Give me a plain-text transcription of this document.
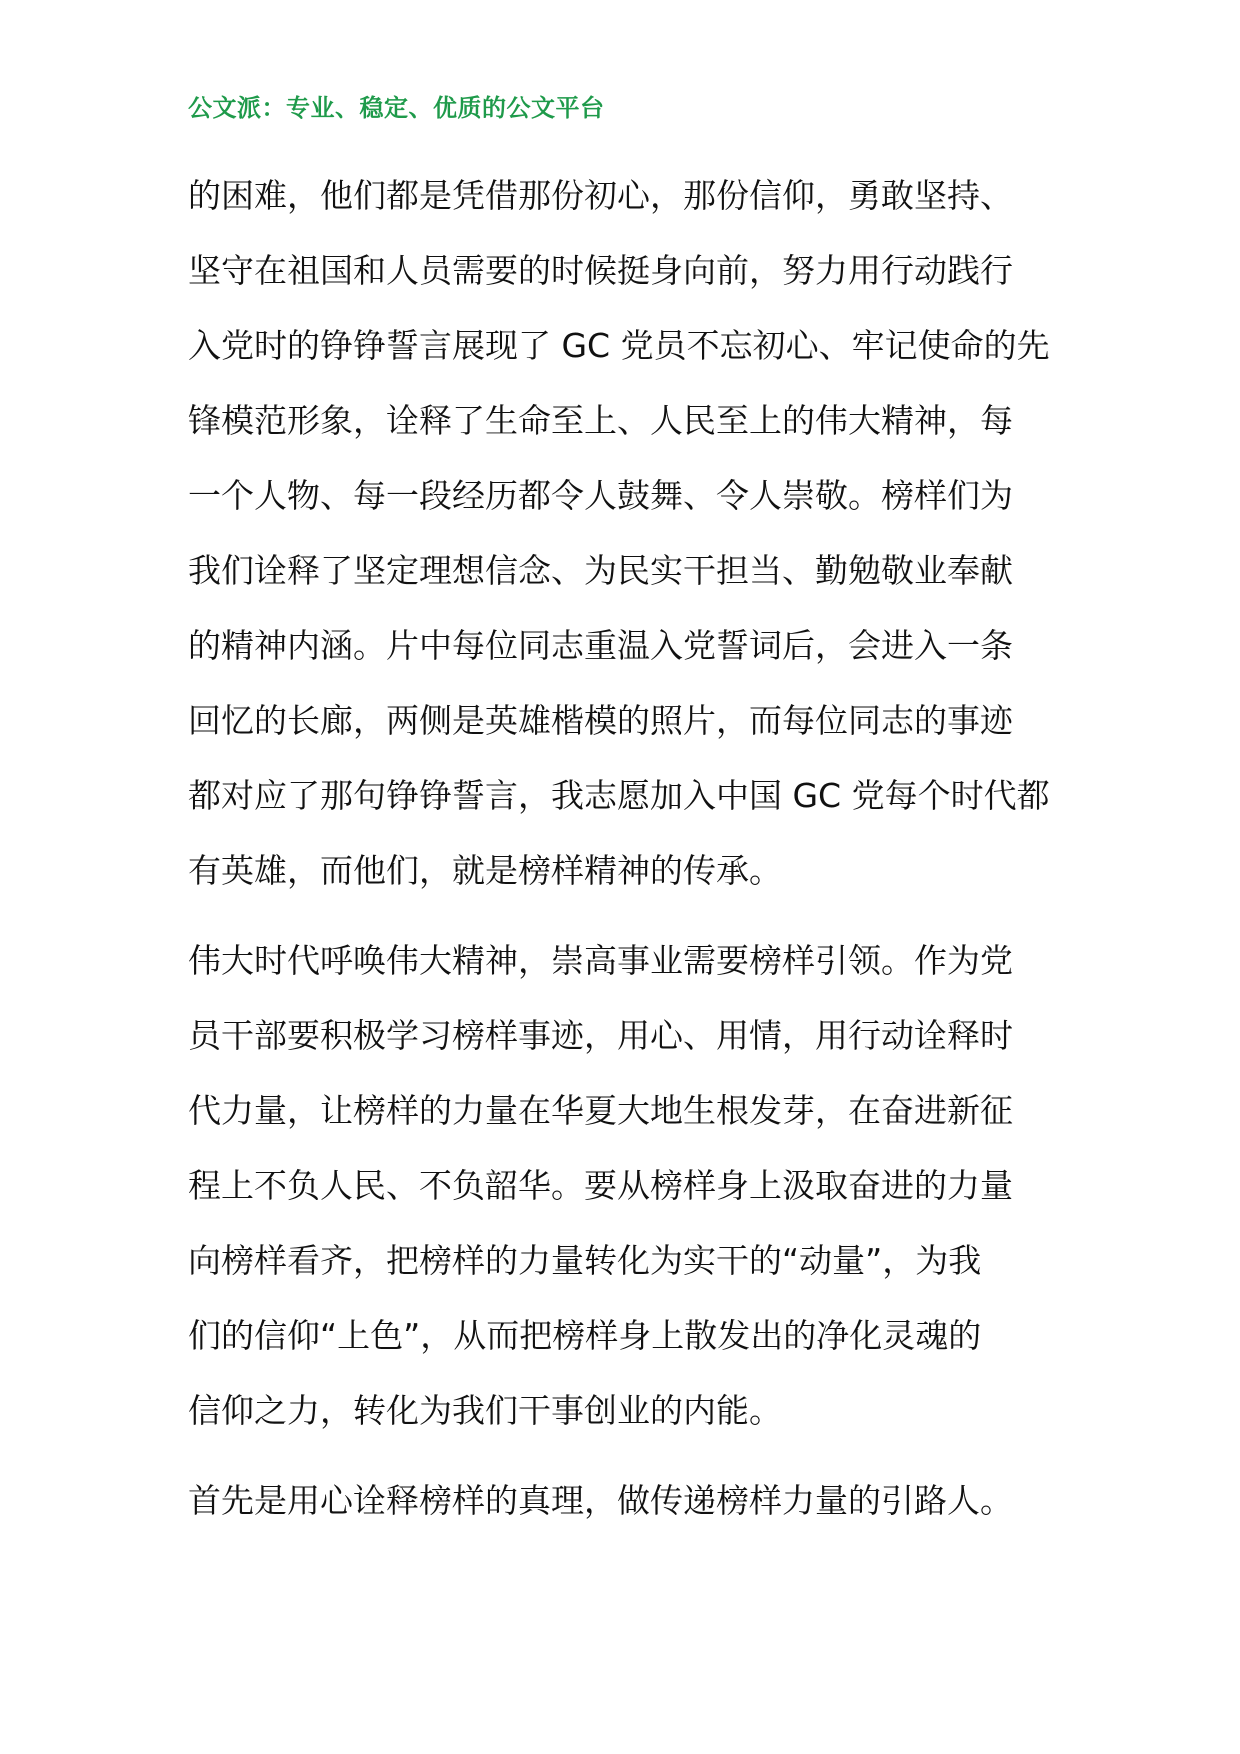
公文派：专业、稳定、优质的公文平台
的困难，他们都是凭借那份初心，那份信仰，勇敢坚持、
坚守在祖国和人员需要的时候挺身向前，努力用行动践行
入党时的铮铮誓言展现了 GC 党员不忘初心、牢记使命的先
锋模范形象，诠释了生命至上、人民至上的伟大精神，每
一个人物、每一段经历都令人鼓舞、令人崇敬。榜样们为
我们诠释了坚定理想信念、为民实干担当、勤勉敬业奉献
的精神内涵。片中每位同志重温入党誓词后，会进入一条
回忆的长廊，两侧是英雄楷模的照片，而每位同志的事迹
都对应了那句铮铮誓言，我志愿加入中国 GC 党每个时代都
有英雄，而他们，就是榜样精神的传承。
伟大时代呼唤伟大精神，崇高事业需要榜样引领。作为党
员干部要积极学习榜样事迹，用心、用情，用行动诠释时
代力量，让榜样的力量在华夏大地生根发芽，在奋进新征
程上不负人民、不负韶华。要从榜样身上汲取奋进的力量
向榜样看齐，把榜样的力量转化为实干的“动量”，为我
们的信仰“上色”，从而把榜样身上散发出的净化灵魂的
信仰之力，转化为我们干事创业的内能。
首先是用心诠释榜样的真理，做传递榜样力量的引路人。
